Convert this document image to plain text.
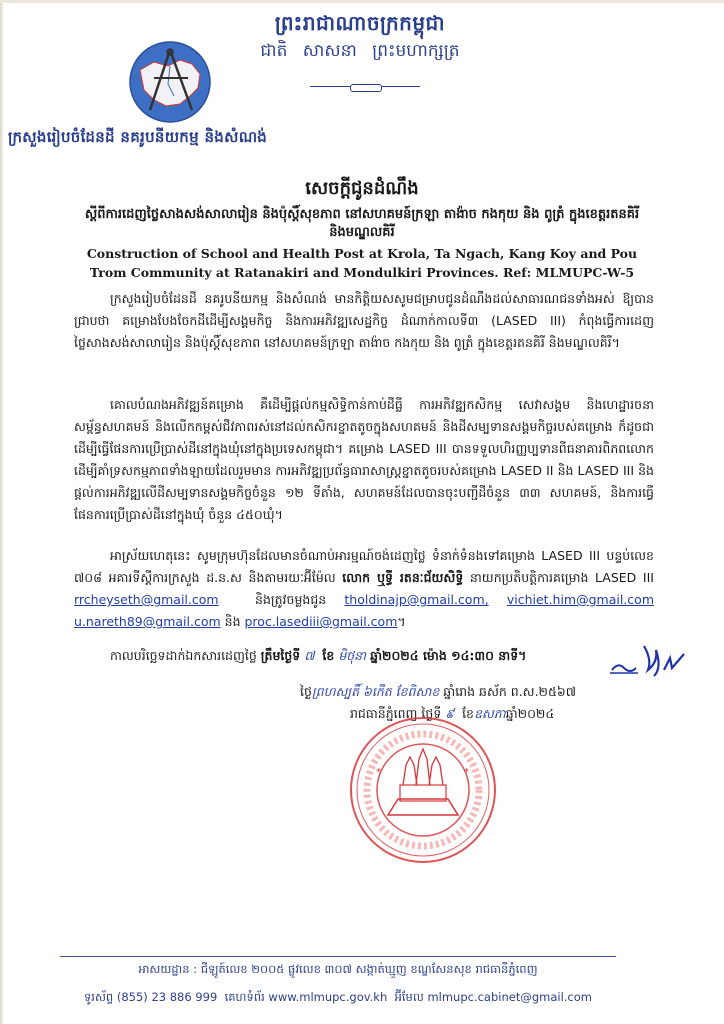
ព្រះរាជាណាចក្រកម្ពុជា
ជាតិ សាសនា ព្រះមហាក្សត្រ
ក្រសួងរៀបចំដែនដី នគរូបនីយកម្ម និងសំណង់
សេចក្តីជូនដំណឹង
ស្តីពីការដេញថ្លៃសាងសង់សាលារៀន និងប៉ុស្តិ៍សុខភាព នៅសហគមន៍ក្រឡា តាង៉ាច កងកុយ និង ពូត្រំ ក្នុងខេត្តរតនគិរី និងមណ្ឌលគិរី
Construction of School and Health Post at Krola, Ta Ngach, Kang Koy and Pou Trom Community at Ratanakiri and Mondulkiri Provinces. Ref: MLMUPC-W-5

ក្រសួងរៀបចំដែនដី នគរូបនីយកម្ម និងសំណង់ មានកិត្តិយសសូមជម្រាបជូនដំណឹងដល់សាធារណជនទាំងអស់ ឱ្យបានជ្រាបថា គម្រោងបែងចែកដីដើម្បីសង្គមកិច្ច និងការអភិវឌ្ឍសេដ្ឋកិច្ច ដំណាក់កាលទី៣ (LASED III) កំពុងធ្វើការដេញថ្លៃសាងសង់សាលារៀន និងប៉ុស្តិ៍សុខភាព នៅសហគមន៍ក្រឡា តាង៉ាច កងកុយ និង ពូត្រំ ក្នុងខេត្តរតនគិរី និងមណ្ឌលគិរី។

គោលបំណងអភិវឌ្ឍន៍គម្រោង គឺដើម្បីផ្តល់កម្មសិទ្ធិកាន់កាប់ដីធ្លី ការអភិវឌ្ឍកសិកម្ម សេវាសង្គម និងហេដ្ឋារចនាសម្ព័ន្ធសហគមន៍ និងលើកកម្ពស់ជីវភាពរស់នៅដល់កសិករខ្នាតតូចក្នុងសហគមន៍ និងដីសម្បទានសង្គមកិច្ចរបស់គម្រោង ក៏ដូចជាដើម្បីធ្វើផែនការប្រើប្រាស់ដីនៅក្នុងឃុំនៅក្នុងប្រទេសកម្ពុជា។ គម្រោង LASED III បានទទួលហិរញ្ញប្បទានពីធនាគារពិភពលោក ដើម្បីគាំទ្រសកម្មភាពទាំងឡាយដែលរួមមាន ការអភិវឌ្ឍប្រព័ន្ធធារាសាស្ត្រខ្នាតតូចរបស់គម្រោង LASED II និង LASED III និងផ្តល់ការអភិវឌ្ឍលើដីសម្បទានសង្គមកិច្ចចំនួន ១២ ទីតាំង, សហគមន៍ដែលបានចុះបញ្ជីដីចំនួន ៣៣ សហគមន៍, និងការធ្វើផែនការប្រើប្រាស់ដីនៅក្នុងឃុំ ចំនួន ៤៥០ឃុំ។

អាស្រ័យហេតុនេះ សូមក្រុមហ៊ុនដែលមានចំណាប់អារម្មណ៍ចង់ដេញថ្លៃ ទំនាក់ទំនងទៅគម្រោង LASED III បន្ទប់លេខ ៧០៨ អគារទីស្តីការក្រសួង ដ.ន.ស និងតាមរយៈអ៊ីម៉ែល លោក ឬទ្ធី រតនៈជ័យសិទ្ធិ នាយកប្រតិបត្តិការគម្រោង LASED III rrcheyseth@gmail.com	និងត្រូវចម្លងជូន tholdinajp@gmail.com, vichiet.him@gmail.com u.nareth89@gmail.com និង proc.lasediii@gmail.com។

កាលបរិច្ឆេទដាក់ឯកសារដេញថ្លៃ ត្រឹមថ្ងៃទី ៧ ខែ មិថុនា ឆ្នាំ២០២៤ ម៉ោង ១៤:៣០ នាទី។
ថ្ងៃព្រហស្បតិ៍ ៦កើត ខែពិសាខ ឆ្នាំរោង ឆស័ក ព.ស.២៥៦៧
រាជធានីភ្នំពេញ ថ្ងៃទី ៩ ខែឧសភាឆ្នាំ២០២៤
*	*
អាសយដ្ឋាន : ជីឡូត៍លេខ ២០០៥ ផ្លូវលេខ ៣០៧ សង្កាត់ឃ្មួញ ខណ្ឌសែនសុខ រាជធានីភ្នំពេញ
ទូរស័ព្ទ (855) 23 886 999 គេហទំព័រ www.mlmupc.gov.kh អ៊ីមែល mlmupc.cabinet@gmail.com
